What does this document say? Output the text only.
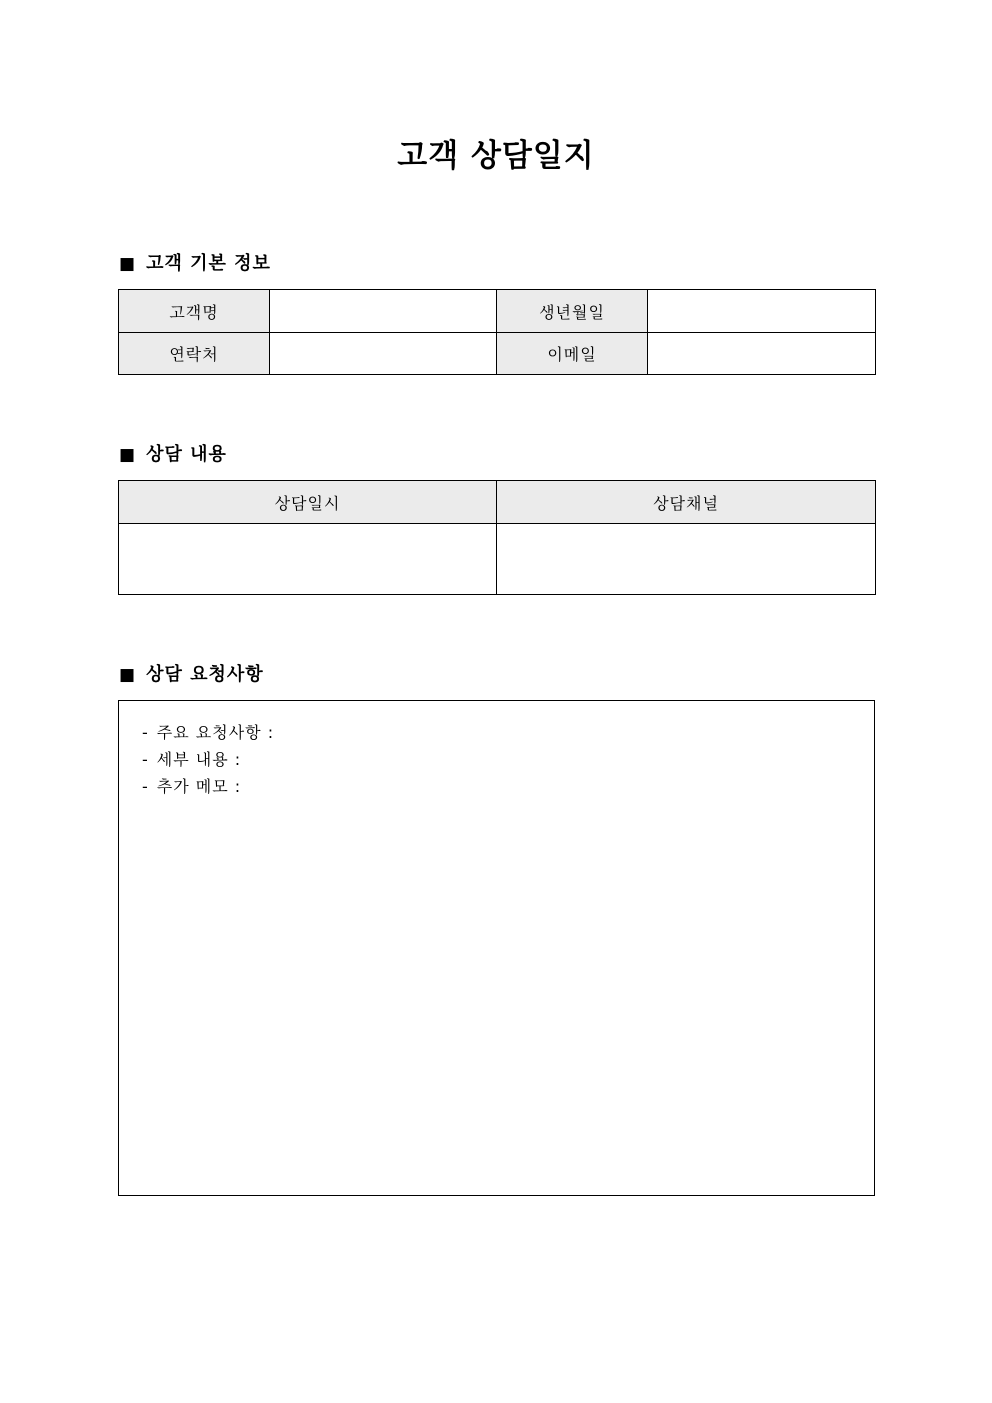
고객 상담일지
■ 고객 기본 정보
고객명		생년월일	
연락처		이메일	
■ 상담 내용
상담일시	상담채널

■ 상담 요청사항
- 주요 요청사항 :
- 세부 내용 :
- 추가 메모 :
